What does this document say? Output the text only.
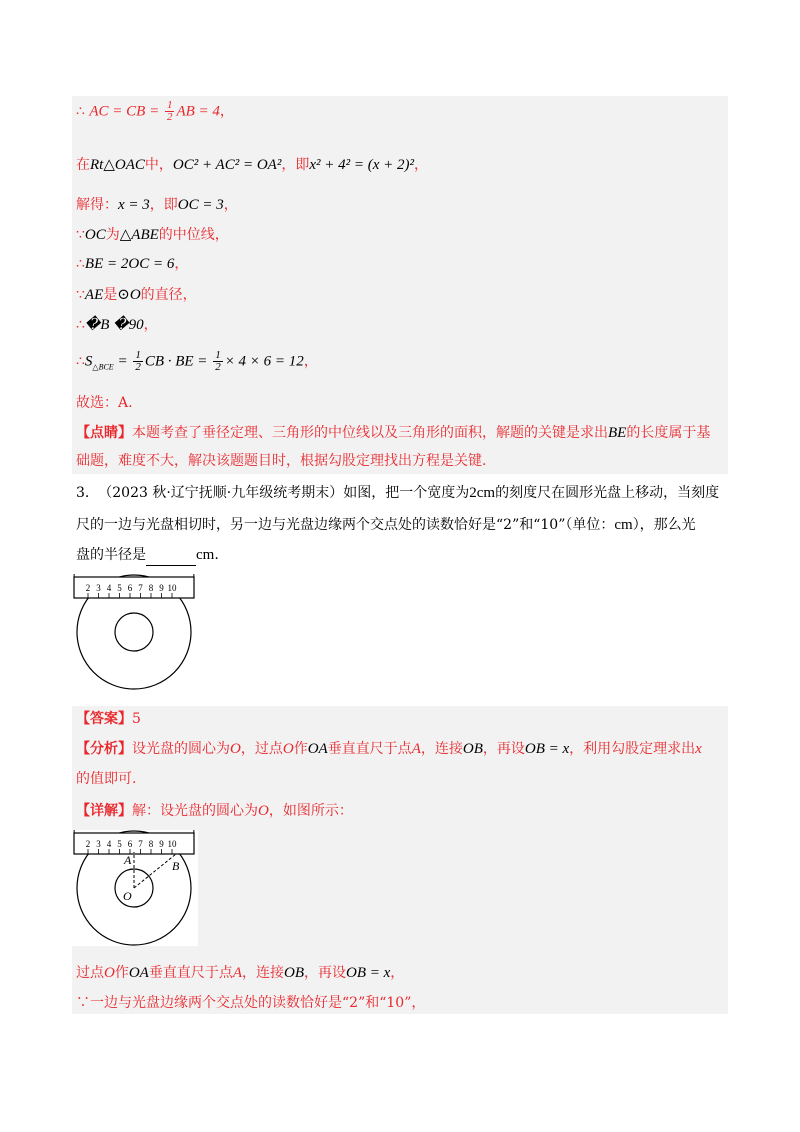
∴ AC = CB = $\frac{1}{2}$ AB = 4，
在Rt△OAC中，OC² + AC² = OA²，即x² + 4² = (x + 2)²，
解得：x = 3，即OC = 3，
∵OC为△ABE的中位线，
∴BE = 2OC = 6，
∵AE是⊙O的直径，
∴�B �90，
$\therefore S_{\triangle BCE} = \frac{1}{2}$ CB · BE = $\frac{1}{2} \times 4 \times 6 = 12$，
故选：A.
【点睛】本题考查了垂径定理、三角形的中位线以及三角形的面积，解题的关键是求出BE的长度属于基
础题，难度不大，解决该题题目时，根据勾股定理找出方程是关键.
3. （2023 秋·辽宁抚顺·九年级统考期末）如图，把一个宽度为2cm的刻度尺在圆形光盘上移动，当刻度
尺的一边与光盘相切时，另一边与光盘边缘两个交点处的读数恰好是“2”和“10”（单位：cm），那么光
盘的半径是	cm.
2 3 4 5 6 7 8 9 10
【答案】5
【分析】设光盘的圆心为O，过点O作OA垂直直尺于点A，连接OB，再设OB = x，利用勾股定理求出x
的值即可.
【详解】解：设光盘的圆心为O，如图所示：
2 3 4 5 6 7 8 9 10
A	B
O
过点O作OA垂直直尺于点A，连接OB，再设OB = x，
∵一边与光盘边缘两个交点处的读数恰好是“2”和“10”，
